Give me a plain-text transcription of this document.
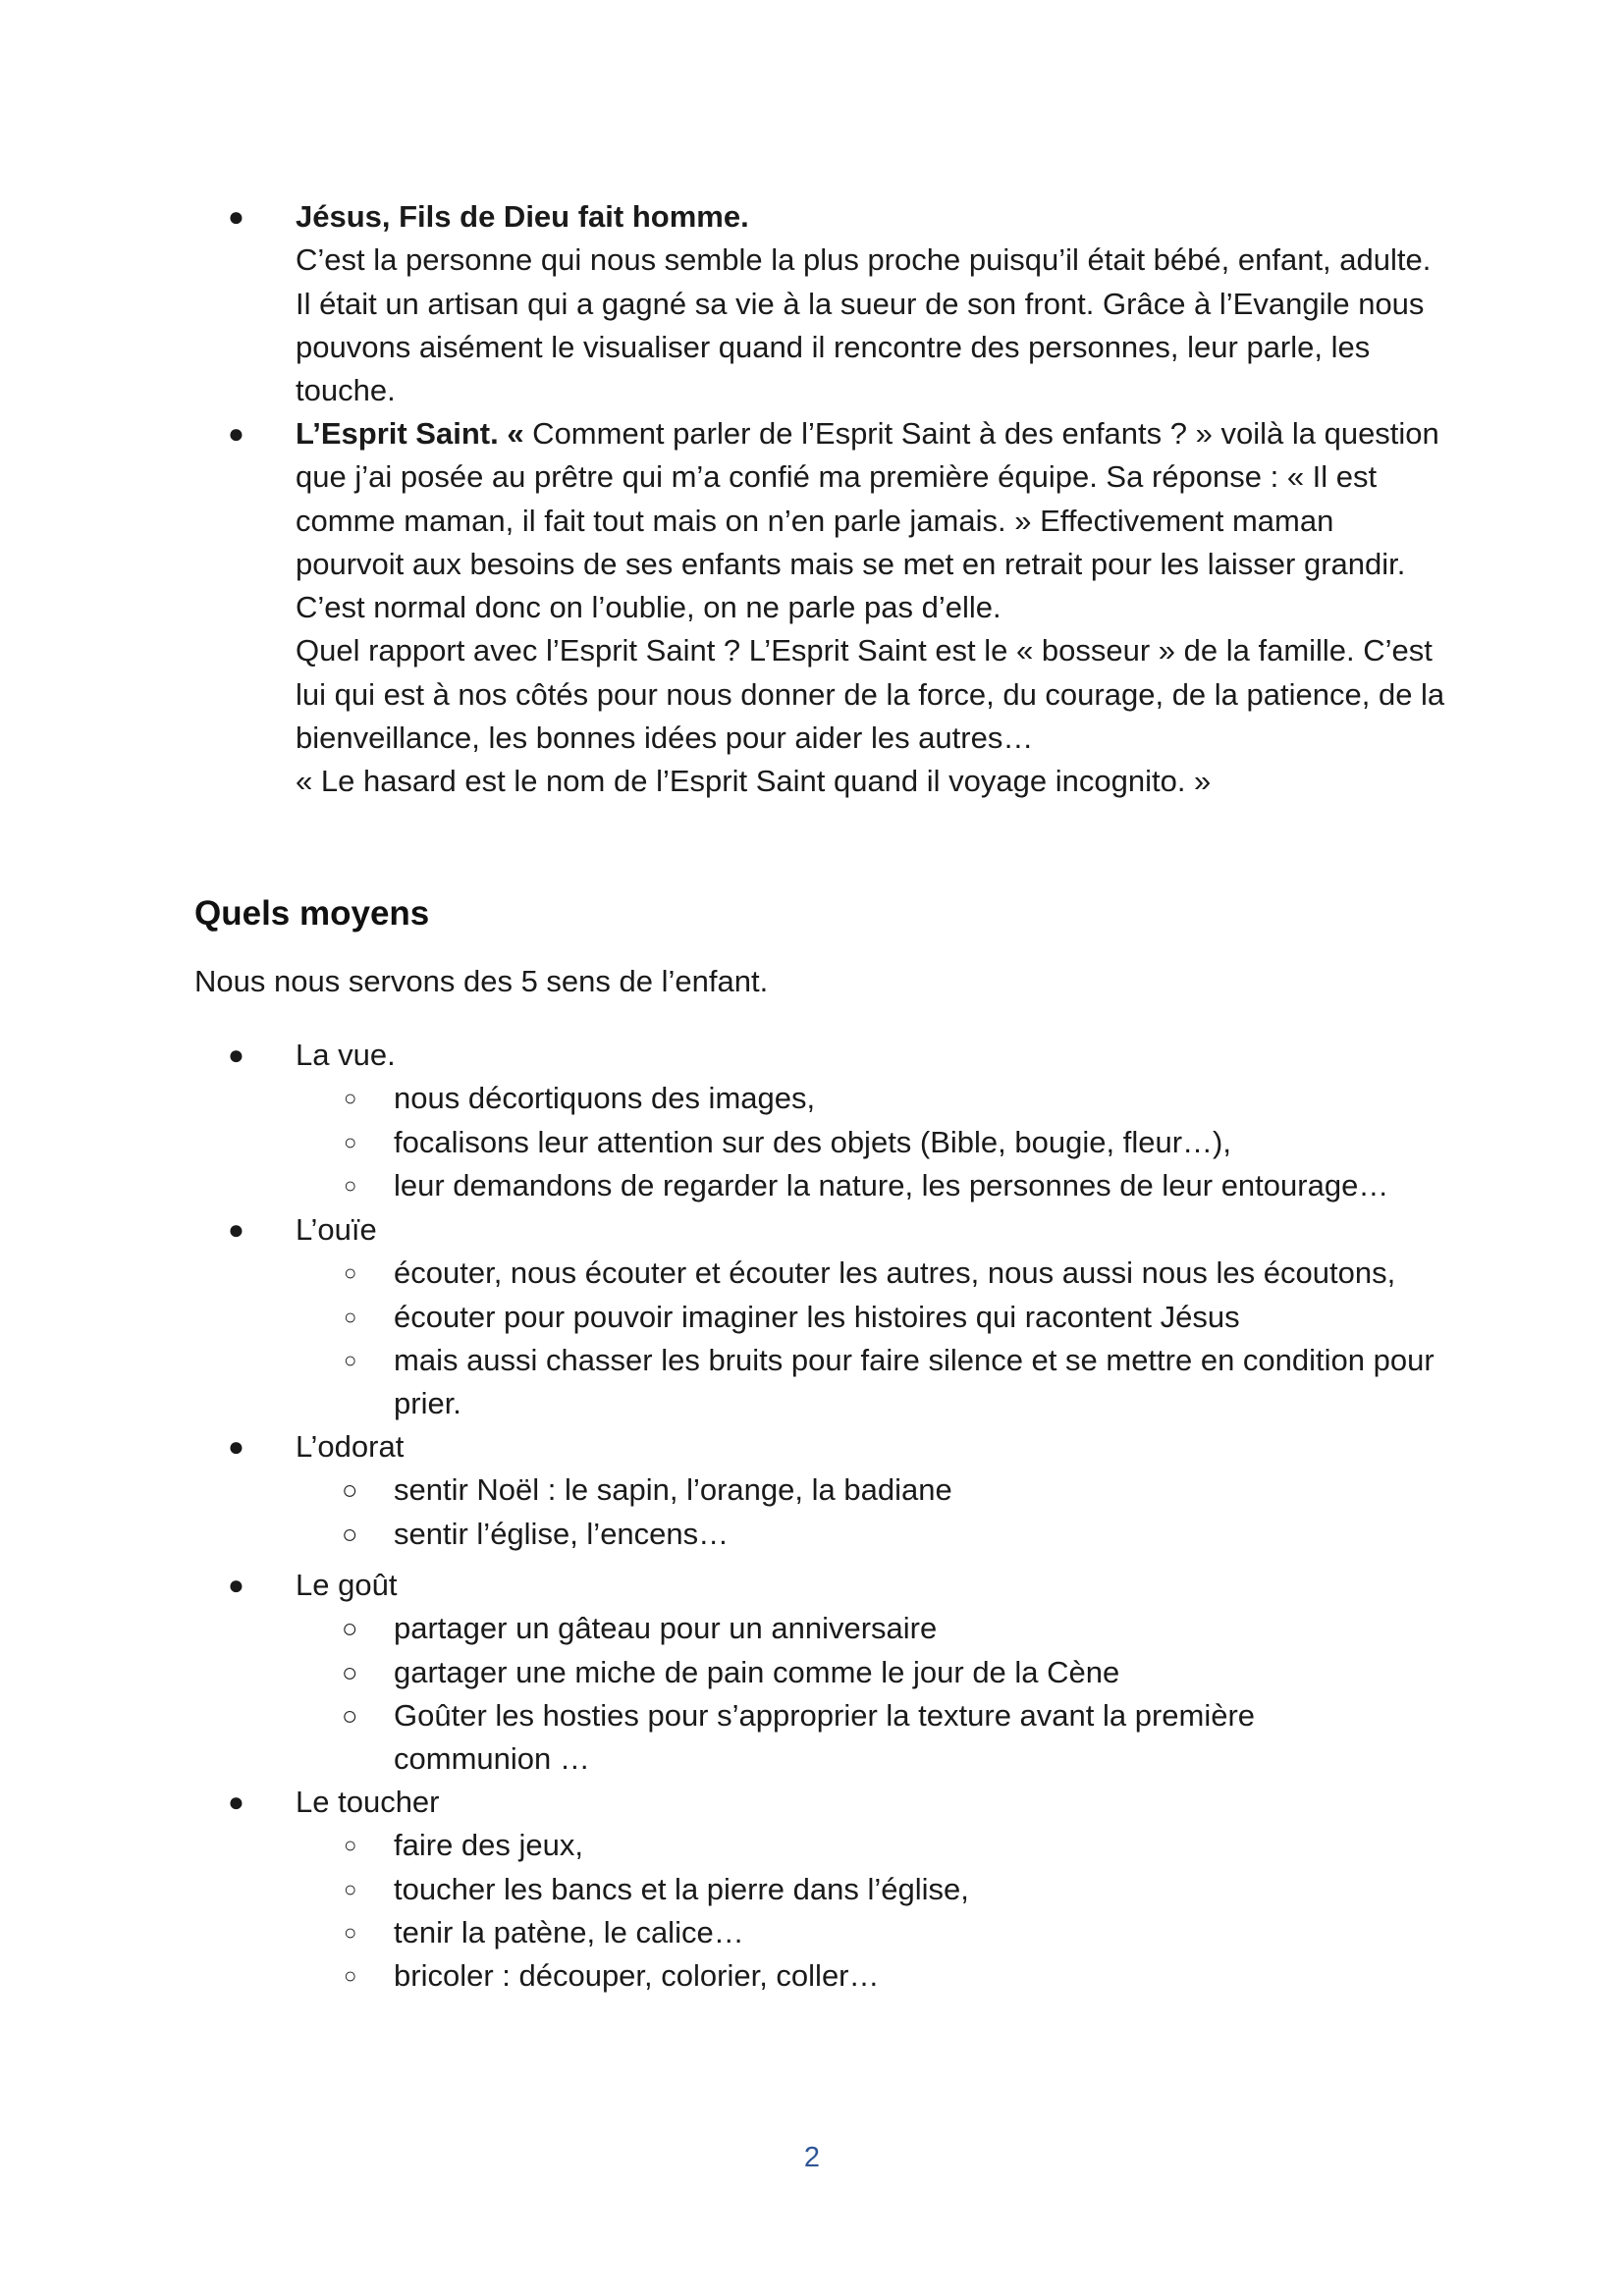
● Jésus, Fils de Dieu fait homme.

C’est la personne qui nous semble la plus proche puisqu’il était bébé, enfant, adulte.

Il était un artisan qui a gagné sa vie à la sueur de son front. Grâce à l’Evangile nous

pouvons aisément le visualiser quand il rencontre des personnes, leur parle, les

touche.

● L’Esprit Saint. « Comment parler de l’Esprit Saint à des enfants ? » voilà la question

que j’ai posée au prêtre qui m’a confié ma première équipe. Sa réponse : « Il est

comme maman, il fait tout mais on n’en parle jamais. » Effectivement maman

pourvoit aux besoins de ses enfants mais se met en retrait pour les laisser grandir.

C’est normal donc on l’oublie, on ne parle pas d’elle.

Quel rapport avec l’Esprit Saint ? L’Esprit Saint est le « bosseur » de la famille. C’est

lui qui est à nos côtés pour nous donner de la force, du courage, de la patience, de la

bienveillance, les bonnes idées pour aider les autres…

« Le hasard est le nom de l’Esprit Saint quand il voyage incognito. »

Quels moyens

Nous nous servons des 5 sens de l’enfant.

● La vue.
○ nous décortiquons des images,
○ focalisons leur attention sur des objets (Bible, bougie, fleur…),
○ leur demandons de regarder la nature, les personnes de leur entourage…
● L’ouïe
○ écouter, nous écouter et écouter les autres, nous aussi nous les écoutons,
○ écouter pour pouvoir imaginer les histoires qui racontent Jésus
○ mais aussi chasser les bruits pour faire silence et se mettre en condition pour
prier.
● L’odorat
○ sentir Noël : le sapin, l’orange, la badiane
○ sentir l’église, l’encens…
● Le goût
○ partager un gâteau pour un anniversaire
○ gartager une miche de pain comme le jour de la Cène
○ Goûter les hosties pour s’approprier la texture avant la première
communion …
● Le toucher
○ faire des jeux,
○ toucher les bancs et la pierre dans l’église,
○ tenir la patène, le calice…
○ bricoler : découper, colorier, coller…
2
